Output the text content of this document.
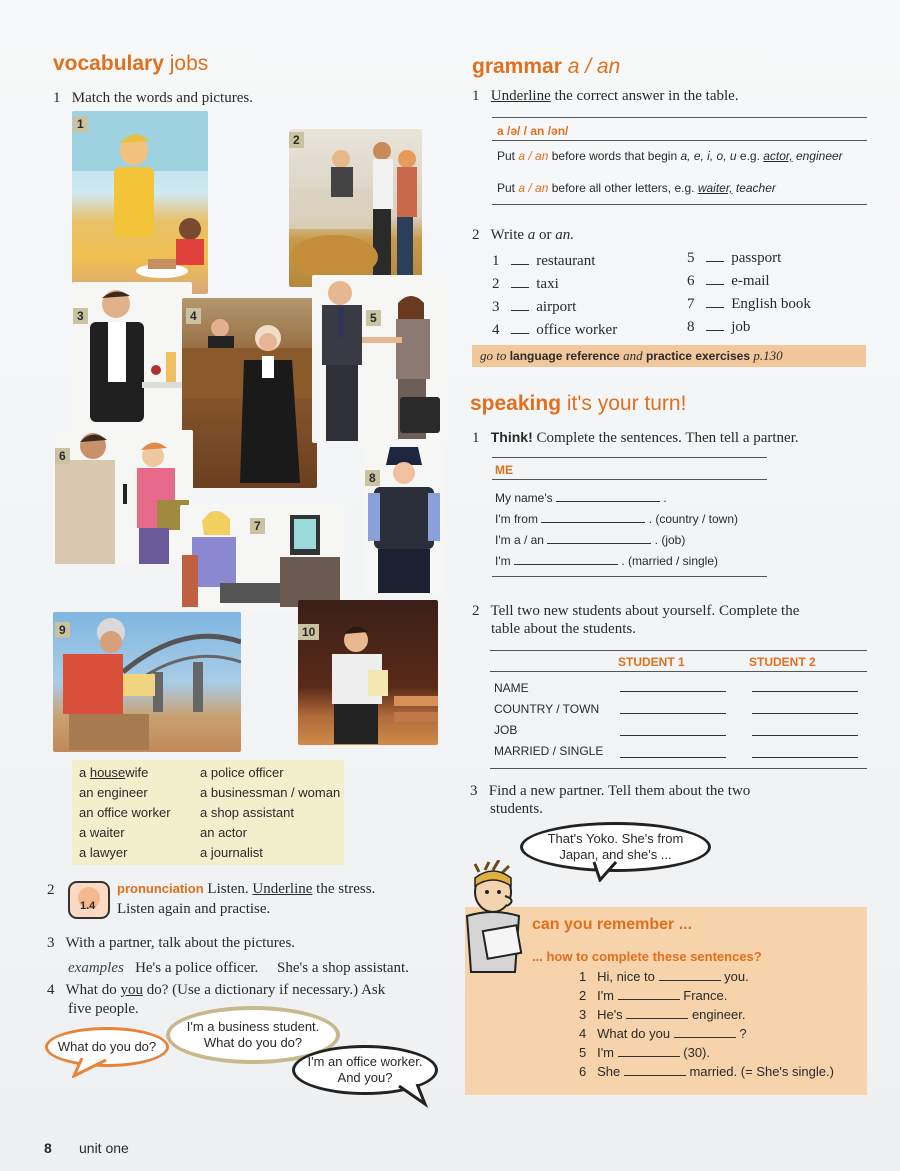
vocabulary jobs
1 Match the words and pictures.
1
2
3	4	5
6
7
8
9	10
a housewife
an engineer
an office worker
a waiter
a lawyer
a police officer
a businessman / woman
a shop assistant
an actor
a journalist
2
1.4
pronunciation Listen. Underline the stress.
Listen again and practise.
3 With a partner, talk about the pictures.
examples He's a police officer. She's a shop assistant.
4 What do you do? (Use a dictionary if necessary.) Ask
five people.
What do you do?
I'm a business student.
What do you do?
I'm an office worker.
And you?
8 unit one
grammar a / an
1 Underline the correct answer in the table.
a /ə/ / an /ən/
Put a / an before words that begin a, e, i, o, u e.g. actor, engineer
Put a / an before all other letters, e.g. waiter, teacher
2 Write a or an.
1 restaurant
2 taxi
3 airport
4 office worker
5 passport
6 e-mail
7 English book
8 job
go to language reference and practice exercises p.130
speaking it's your turn!
1 Think! Complete the sentences. Then tell a partner.
ME
My name's	.
I'm from	. (country / town)
I'm a / an	. (job)
I'm	. (married / single)
2 Tell two new students about yourself. Complete the
table about the students.
STUDENT 1	STUDENT 2
NAME
COUNTRY / TOWN
JOB
MARRIED / SINGLE
3 Find a new partner. Tell them about the two
students.
That's Yoko. She's from
Japan, and she's ...
can you remember ...
... how to complete these sentences?
1 Hi, nice to	you.
2 I'm	France.
3 He's	engineer.
4 What do you	?
5 I'm	(30).
6 She	married. (= She's single.)
